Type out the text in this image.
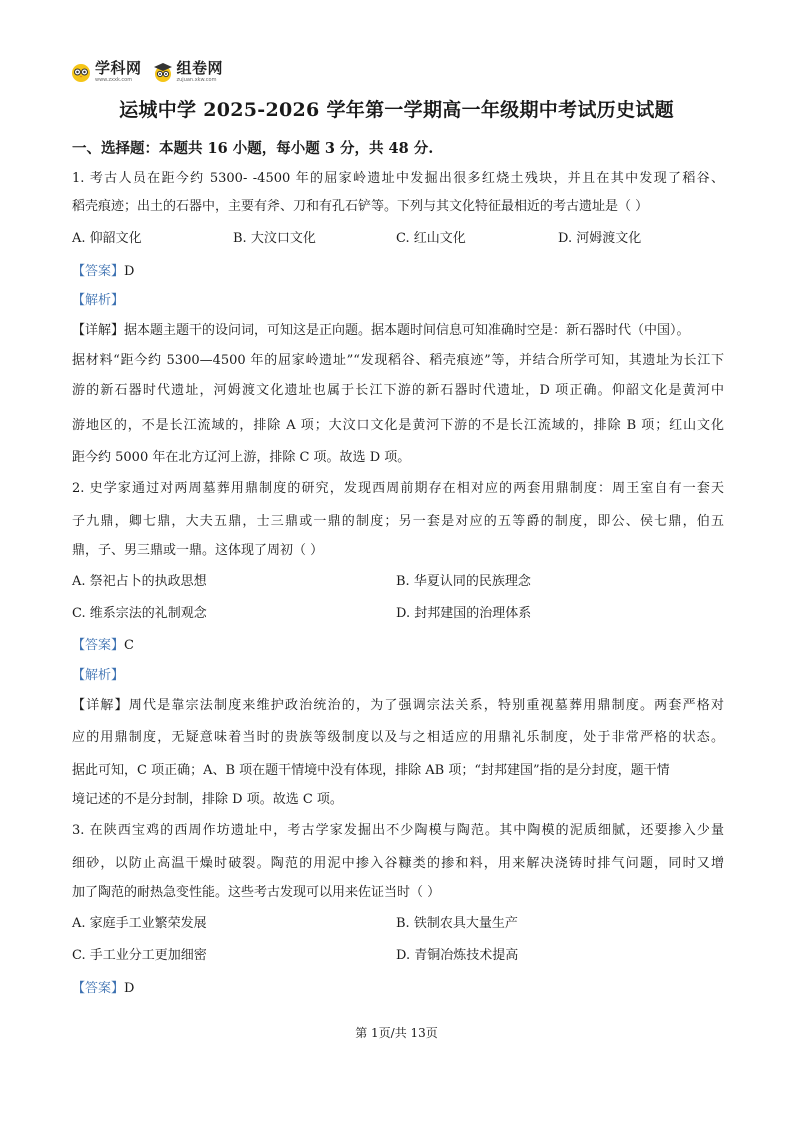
学科网
www.zxxk.com
组卷网
zujuan.xkw.com
运城中学 2025-2026 学年第一学期高一年级期中考试历史试题
一、选择题：本题共 16 小题，每小题 3 分，共 48 分.
1. 考古人员在距今约 5300- -4500 年的屈家岭遗址中发掘出很多红烧土残块，并且在其中发现了稻谷、
稻壳痕迹；出土的石器中，主要有斧、刀和有孔石铲等。下列与其文化特征最相近的考古遗址是（ ）
A. 仰韶文化	B. 大汶口文化	C. 红山文化	D. 河姆渡文化
【答案】D
【解析】
【详解】据本题主题干的设问词，可知这是正向题。据本题时间信息可知准确时空是：新石器时代（中国）。
据材料“距今约 5300—4500 年的屈家岭遗址”“发现稻谷、稻壳痕迹”等，并结合所学可知，其遗址为长江下
游的新石器时代遗址，河姆渡文化遗址也属于长江下游的新石器时代遗址，D 项正确。仰韶文化是黄河中
游地区的，不是长江流域的，排除 A 项；大汶口文化是黄河下游的不是长江流域的，排除 B 项；红山文化
距今约 5000 年在北方辽河上游，排除 C 项。故选 D 项。
2. 史学家通过对两周墓葬用鼎制度的研究，发现西周前期存在相对应的两套用鼎制度：周王室自有一套天
子九鼎，卿七鼎，大夫五鼎，士三鼎或一鼎的制度；另一套是对应的五等爵的制度，即公、侯七鼎，伯五
鼎，子、男三鼎或一鼎。这体现了周初（ ）
A. 祭祀占卜的执政思想	B. 华夏认同的民族理念
C. 维系宗法的礼制观念	D. 封邦建国的治理体系
【答案】C
【解析】
【详解】周代是靠宗法制度来维护政治统治的，为了强调宗法关系，特别重视墓葬用鼎制度。两套严格对
应的用鼎制度，无疑意味着当时的贵族等级制度以及与之相适应的用鼎礼乐制度，处于非常严格的状态。
据此可知，C 项正确；A、B 项在题干情境中没有体现，排除 AB 项；“封邦建国”指的是分封度，题干情
境记述的不是分封制，排除 D 项。故选 C 项。
3. 在陕西宝鸡的西周作坊遗址中，考古学家发掘出不少陶模与陶范。其中陶模的泥质细腻，还要掺入少量
细砂，以防止高温干燥时破裂。陶范的用泥中掺入谷糠类的掺和料，用来解决浇铸时排气问题，同时又增
加了陶范的耐热急变性能。这些考古发现可以用来佐证当时（ ）
A. 家庭手工业繁荣发展	B. 铁制农具大量生产
C. 手工业分工更加细密	D. 青铜冶炼技术提高
【答案】D
第 1页/共 13页
